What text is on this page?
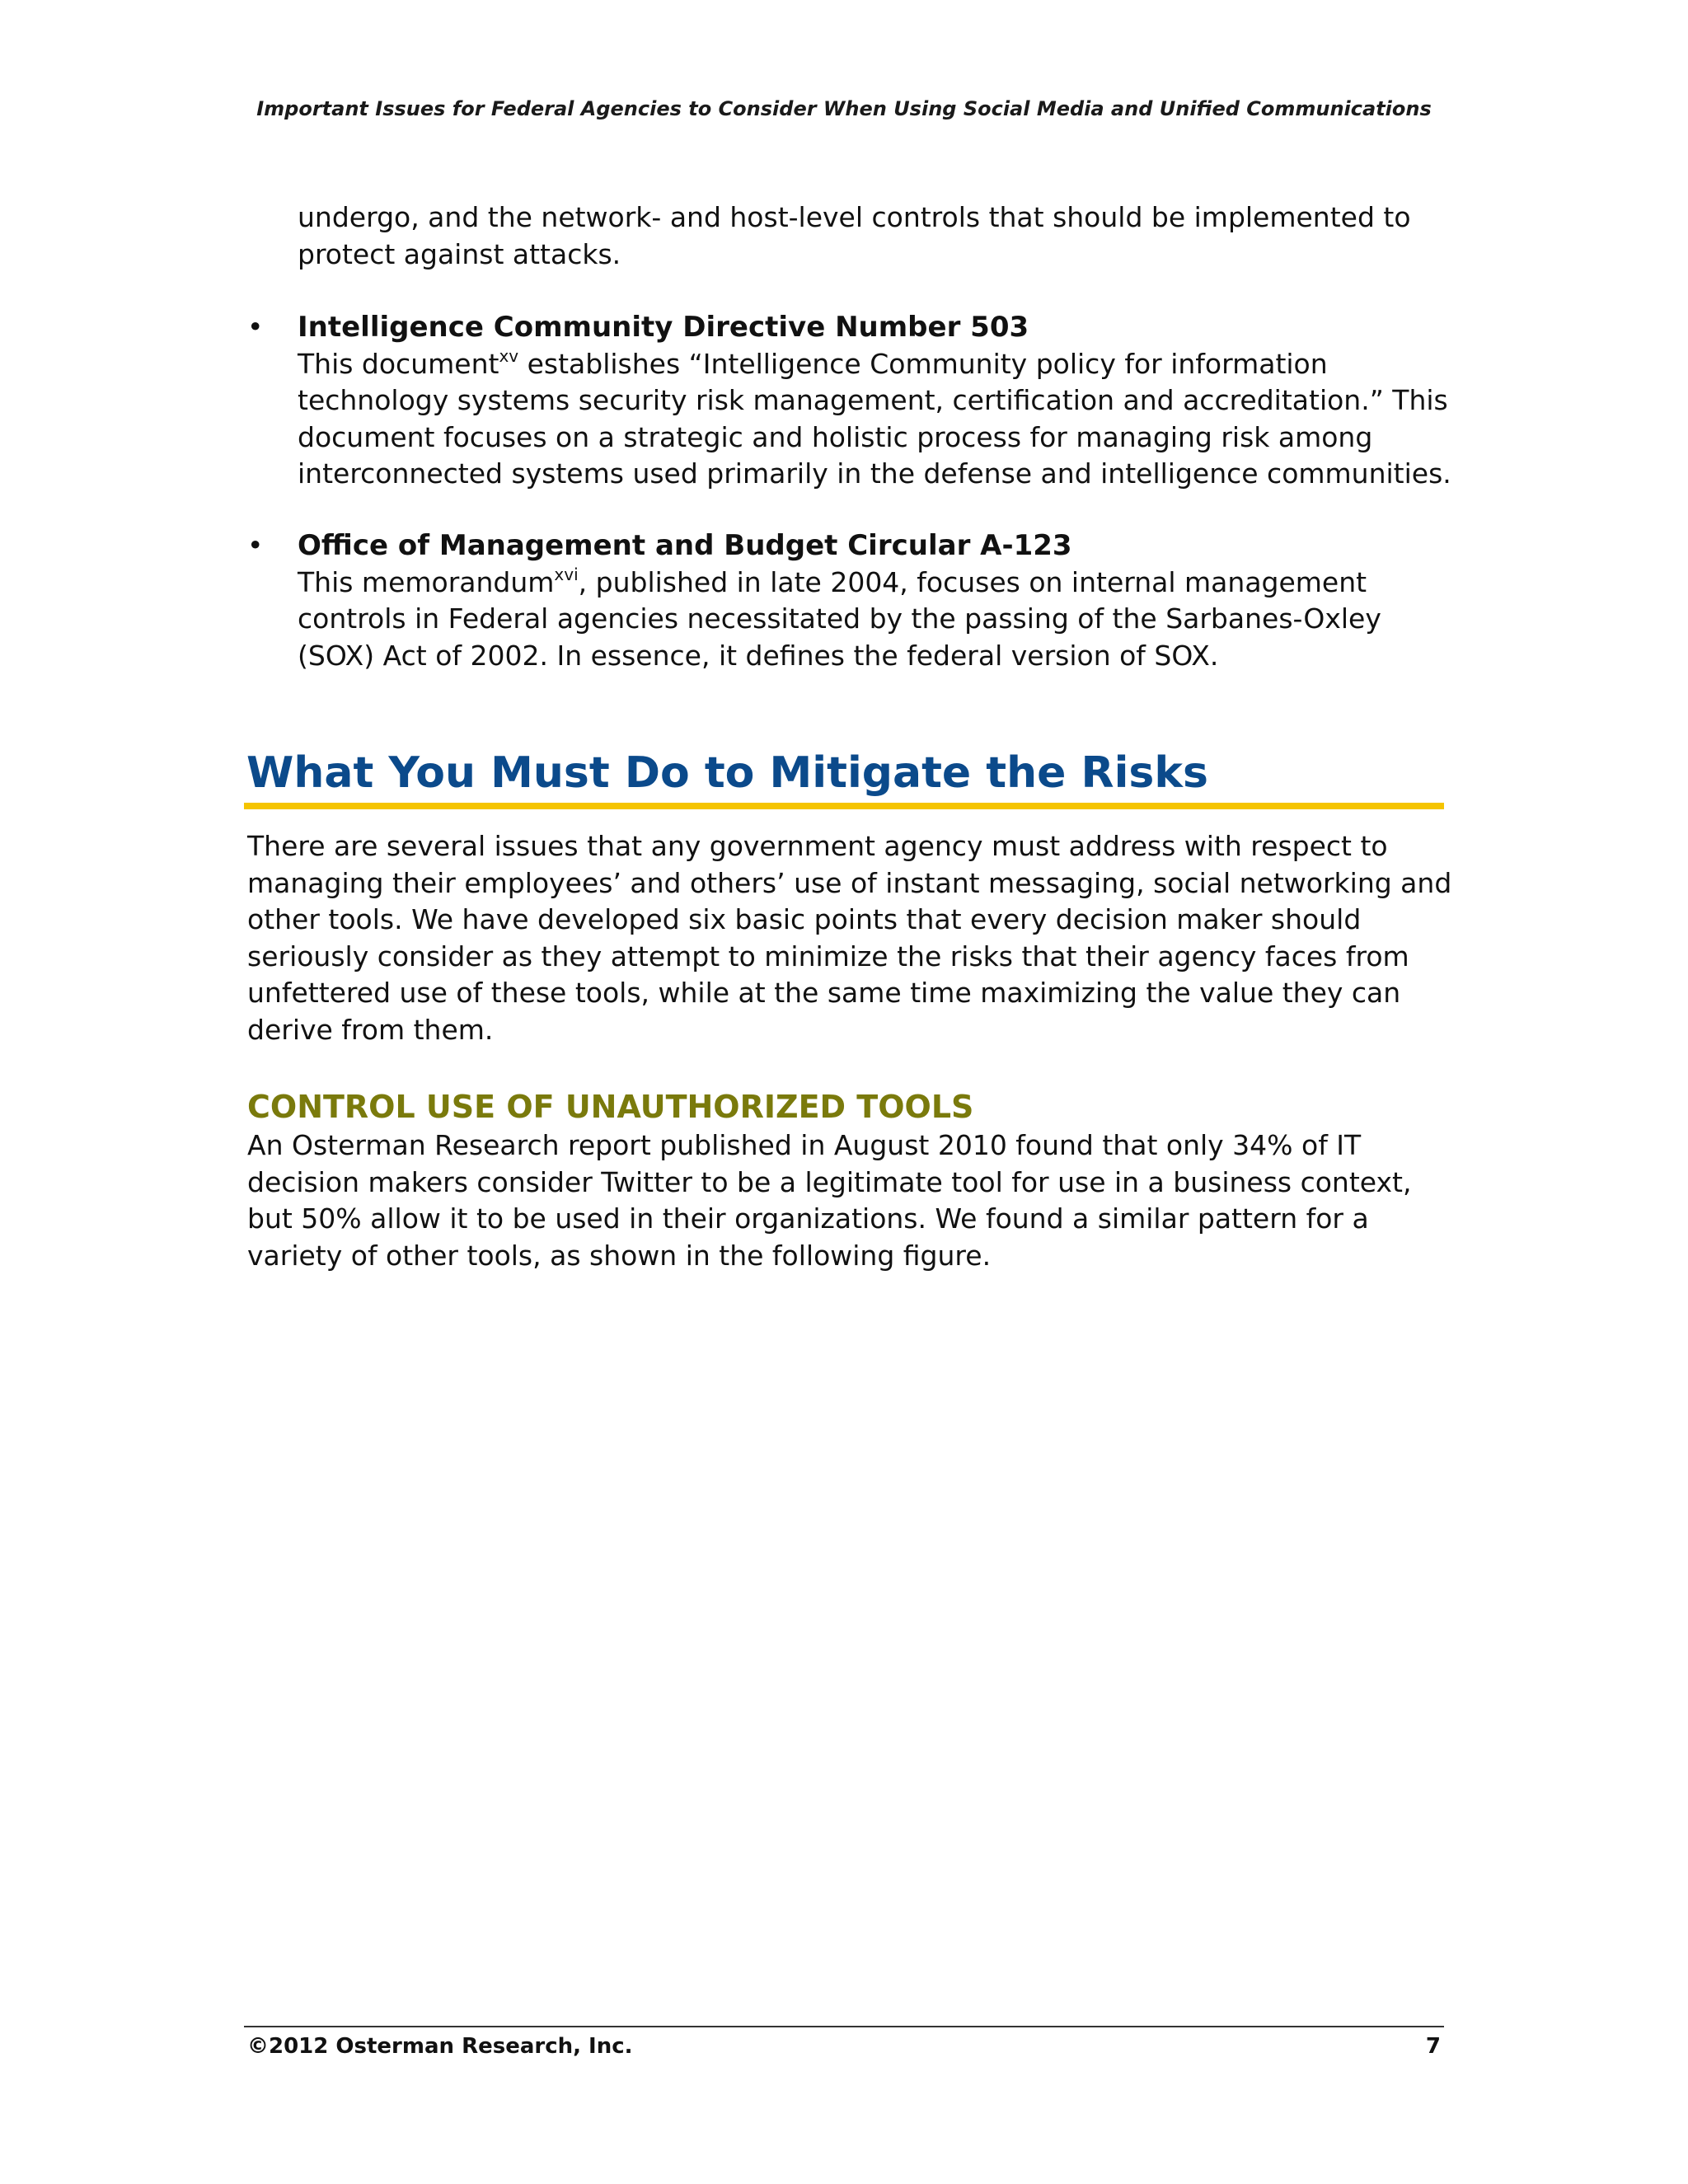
Important Issues for Federal Agencies to Consider When Using Social Media and Unified Communications
undergo, and the network- and host-level controls that should be implemented to
protect against attacks.
• Intelligence Community Directive Number 503
This document$^{xv}$ establishes “Intelligence Community policy for information
technology systems security risk management, certification and accreditation.” This
document focuses on a strategic and holistic process for managing risk among
interconnected systems used primarily in the defense and intelligence communities.
• Office of Management and Budget Circular A-123
This memorandum$^{xvi}$, published in late 2004, focuses on internal management
controls in Federal agencies necessitated by the passing of the Sarbanes-Oxley
(SOX) Act of 2002. In essence, it defines the federal version of SOX.
What You Must Do to Mitigate the Risks
There are several issues that any government agency must address with respect to
managing their employees’ and others’ use of instant messaging, social networking and
other tools. We have developed six basic points that every decision maker should
seriously consider as they attempt to minimize the risks that their agency faces from
unfettered use of these tools, while at the same time maximizing the value they can
derive from them.
CONTROL USE OF UNAUTHORIZED TOOLS
An Osterman Research report published in August 2010 found that only 34% of IT
decision makers consider Twitter to be a legitimate tool for use in a business context,
but 50% allow it to be used in their organizations. We found a similar pattern for a
variety of other tools, as shown in the following figure.
©2012 Osterman Research, Inc.	7
